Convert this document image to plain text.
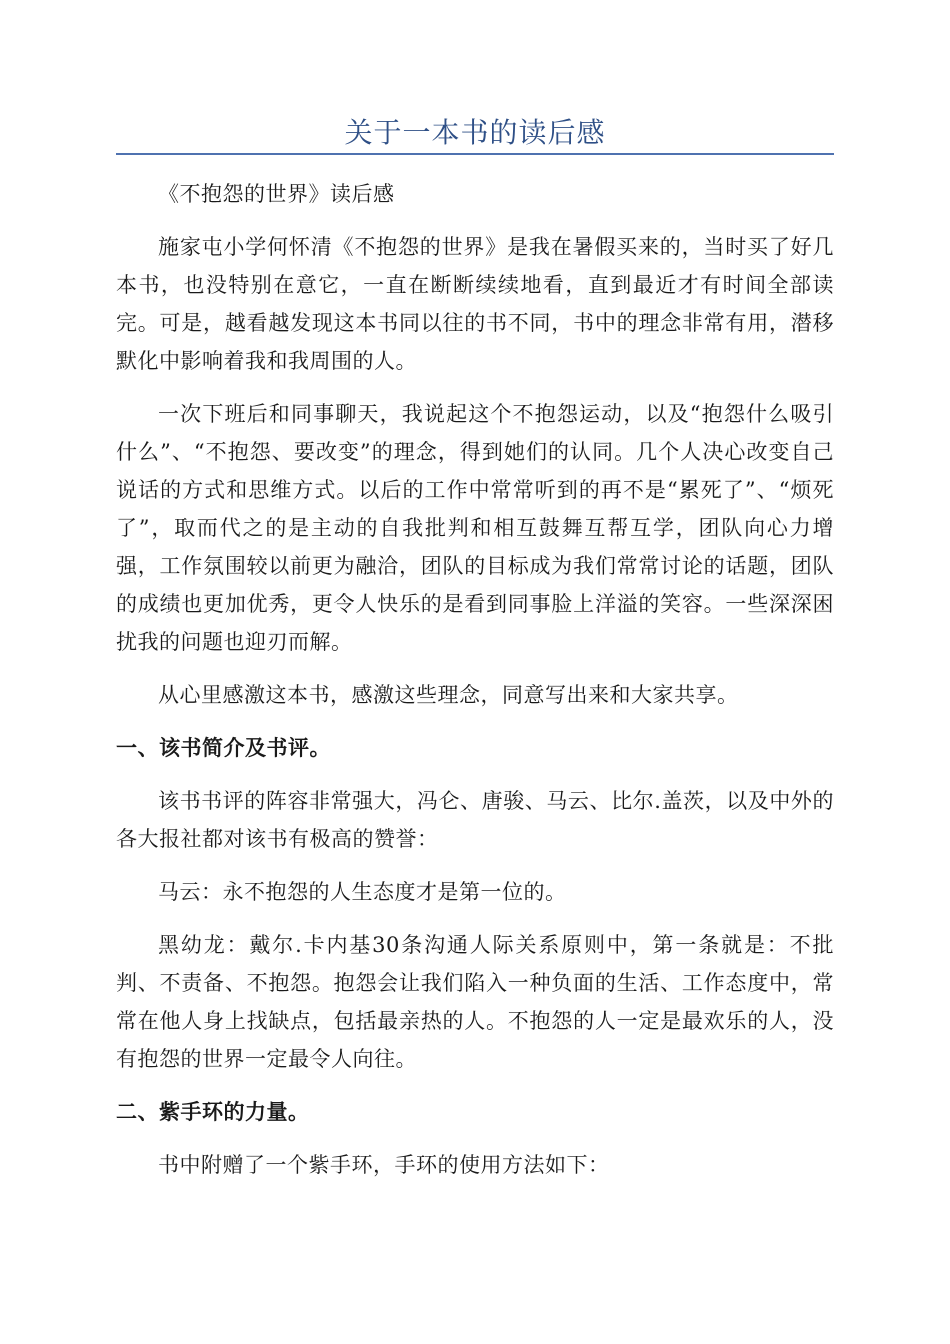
关于一本书的读后感

《不抱怨的世界》读后感

施家屯小学何怀清《不抱怨的世界》是我在暑假买来的，当时买了好几本书，也没特别在意它，一直在断断续续地看，直到最近才有时间全部读完。可是，越看越发现这本书同以往的书不同，书中的理念非常有用，潜移默化中影响着我和我周围的人。

一次下班后和同事聊天，我说起这个不抱怨运动，以及“抱怨什么吸引什么”、“不抱怨、要改变”的理念，得到她们的认同。几个人决心改变自己说话的方式和思维方式。以后的工作中常常听到的再不是“累死了”、“烦死了”，取而代之的是主动的自我批判和相互鼓舞互帮互学，团队向心力增强，工作氛围较以前更为融洽，团队的目标成为我们常常讨论的话题，团队的成绩也更加优秀，更令人快乐的是看到同事脸上洋溢的笑容。一些深深困扰我的问题也迎刃而解。

从心里感激这本书，感激这些理念，同意写出来和大家共享。

一、该书简介及书评。

该书书评的阵容非常强大，冯仑、唐骏、马云、比尔.盖茨，以及中外的各大报社都对该书有极高的赞誉：

马云：永不抱怨的人生态度才是第一位的。

黑幼龙：戴尔.卡内基30条沟通人际关系原则中，第一条就是：不批判、不责备、不抱怨。抱怨会让我们陷入一种负面的生活、工作态度中，常常在他人身上找缺点，包括最亲热的人。不抱怨的人一定是最欢乐的人，没有抱怨的世界一定最令人向往。

二、紫手环的力量。

书中附赠了一个紫手环，手环的使用方法如下：
